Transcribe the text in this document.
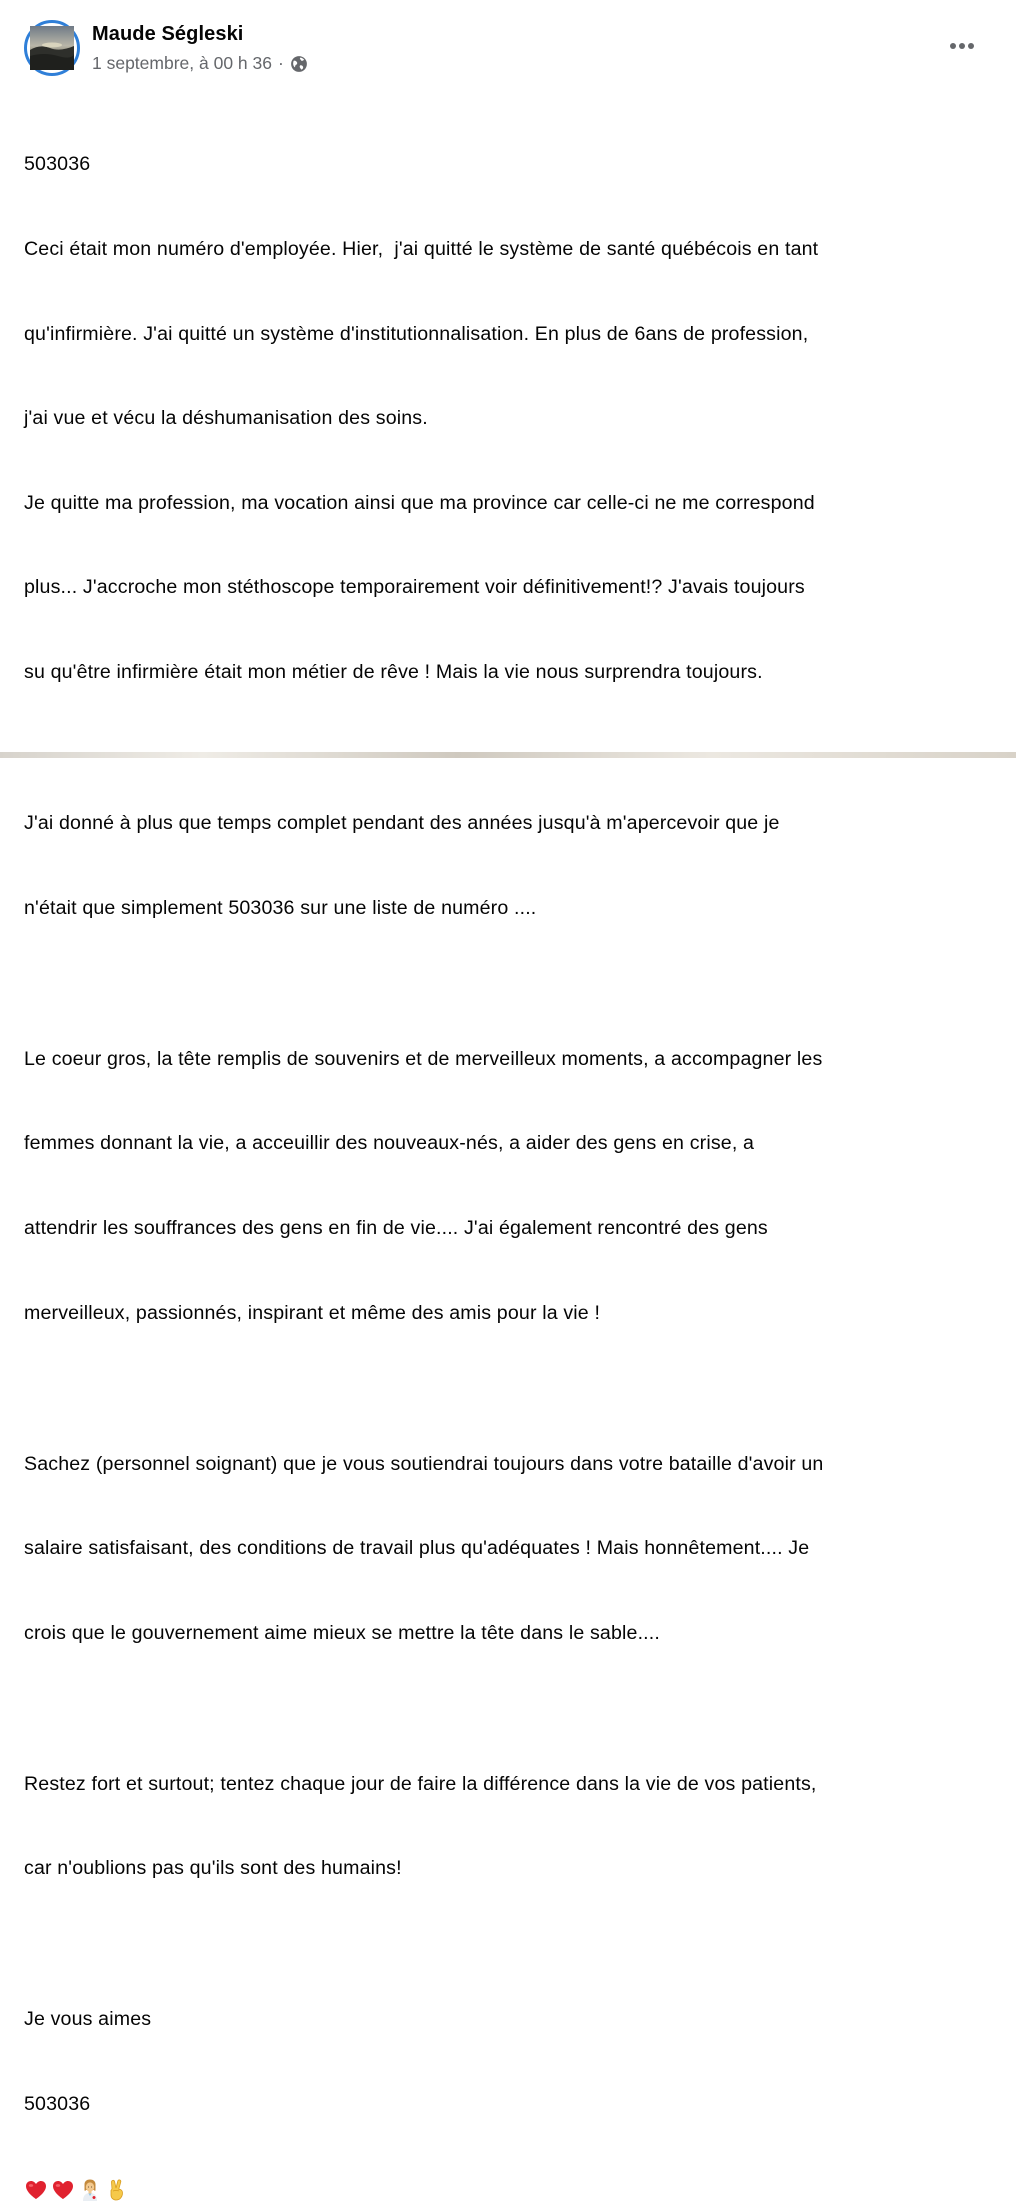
Maude Ségleski
1 septembre, à 00 h 36 ·

503036

Ceci était mon numéro d'employée. Hier,  j'ai quitté le système de santé québécois en tant

qu'infirmière. J'ai quitté un système d'institutionnalisation. En plus de 6ans de profession,

j'ai vue et vécu la déshumanisation des soins.

Je quitte ma profession, ma vocation ainsi que ma province car celle-ci ne me correspond

plus... J'accroche mon stéthoscope temporairement voir définitivement!? J'avais toujours

su qu'être infirmière était mon métier de rêve ! Mais la vie nous surprendra toujours.

J'ai donné à plus que temps complet pendant des années jusqu'à m'apercevoir que je

n'était que simplement 503036 sur une liste de numéro ....

Le coeur gros, la tête remplis de souvenirs et de merveilleux moments, a accompagner les

femmes donnant la vie, a acceuillir des nouveaux-nés, a aider des gens en crise, a

attendrir les souffrances des gens en fin de vie.... J'ai également rencontré des gens

merveilleux, passionnés, inspirant et même des amis pour la vie !

Sachez (personnel soignant) que je vous soutiendrai toujours dans votre bataille d'avoir un

salaire satisfaisant, des conditions de travail plus qu'adéquates ! Mais honnêtement.... Je

crois que le gouvernement aime mieux se mettre la tête dans le sable....

Restez fort et surtout; tentez chaque jour de faire la différence dans la vie de vos patients,

car n'oublions pas qu'ils sont des humains!

Je vous aimes

503036
